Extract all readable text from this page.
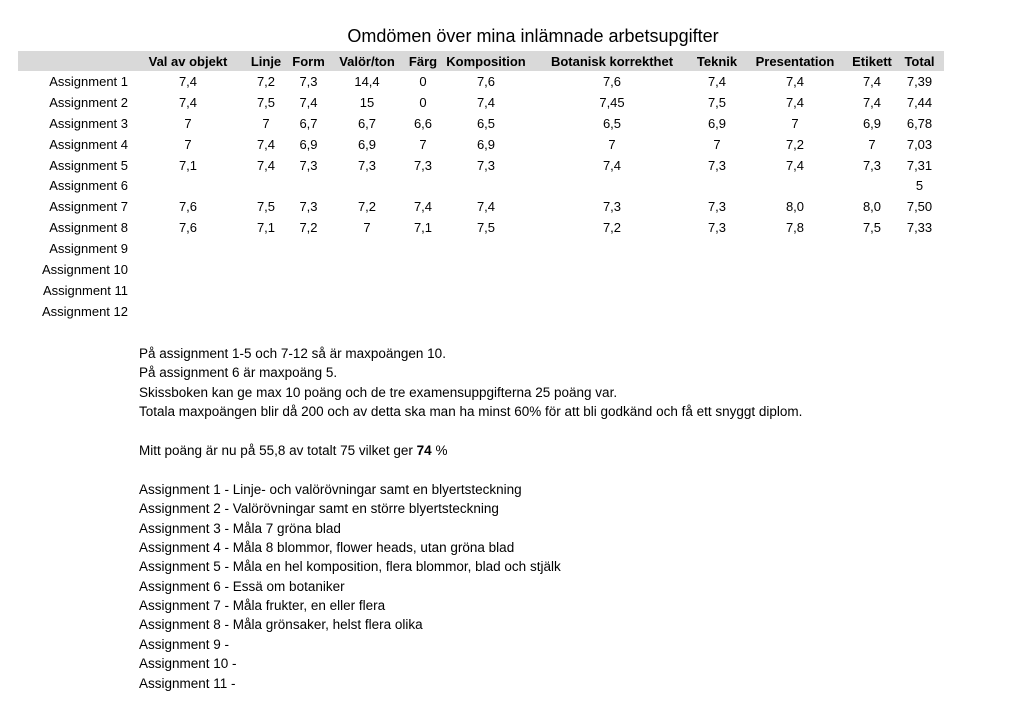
Omdömen över mina inlämnade arbetsupgifter
	Val av objekt	Linje	Form	Valör/ton	Färg	Komposition	Botanisk korrekthet	Teknik	Presentation	Etikett	Total
Assignment 1	7,4	7,2	7,3	14,4	0	7,6	7,6	7,4	7,4	7,4	7,39
Assignment 2	7,4	7,5	7,4	15	0	7,4	7,45	7,5	7,4	7,4	7,44
Assignment 3	7	7	6,7	6,7	6,6	6,5	6,5	6,9	7	6,9	6,78
Assignment 4	7	7,4	6,9	6,9	7	6,9	7	7	7,2	7	7,03
Assignment 5	7,1	7,4	7,3	7,3	7,3	7,3	7,4	7,3	7,4	7,3	7,31
Assignment 6											5
Assignment 7	7,6	7,5	7,3	7,2	7,4	7,4	7,3	7,3	8,0	8,0	7,50
Assignment 8	7,6	7,1	7,2	7	7,1	7,5	7,2	7,3	7,8	7,5	7,33
Assignment 9											
Assignment 10											
Assignment 11											
Assignment 12											
På assignment 1-5 och 7-12 så är maxpoängen 10.
På assignment 6 är maxpoäng 5.
Skissboken kan ge max 10 poäng och de tre examensuppgifterna 25 poäng var.
Totala maxpoängen blir då 200 och av detta ska man ha minst 60% för att bli godkänd och få ett snyggt diplom.
Mitt poäng är nu på 55,8 av totalt 75 vilket ger 74 %
Assignment 1 - Linje- och valörövningar samt en blyertsteckning
Assignment 2 - Valörövningar samt en större blyertsteckning
Assignment 3 - Måla 7 gröna blad
Assignment 4 - Måla 8 blommor, flower heads, utan gröna blad
Assignment 5 - Måla en hel komposition, flera blommor, blad och stjälk
Assignment 6 - Essä om botaniker
Assignment 7 - Måla frukter, en eller flera
Assignment 8 - Måla grönsaker, helst flera olika
Assignment 9 -
Assignment 10 -
Assignment 11 -
